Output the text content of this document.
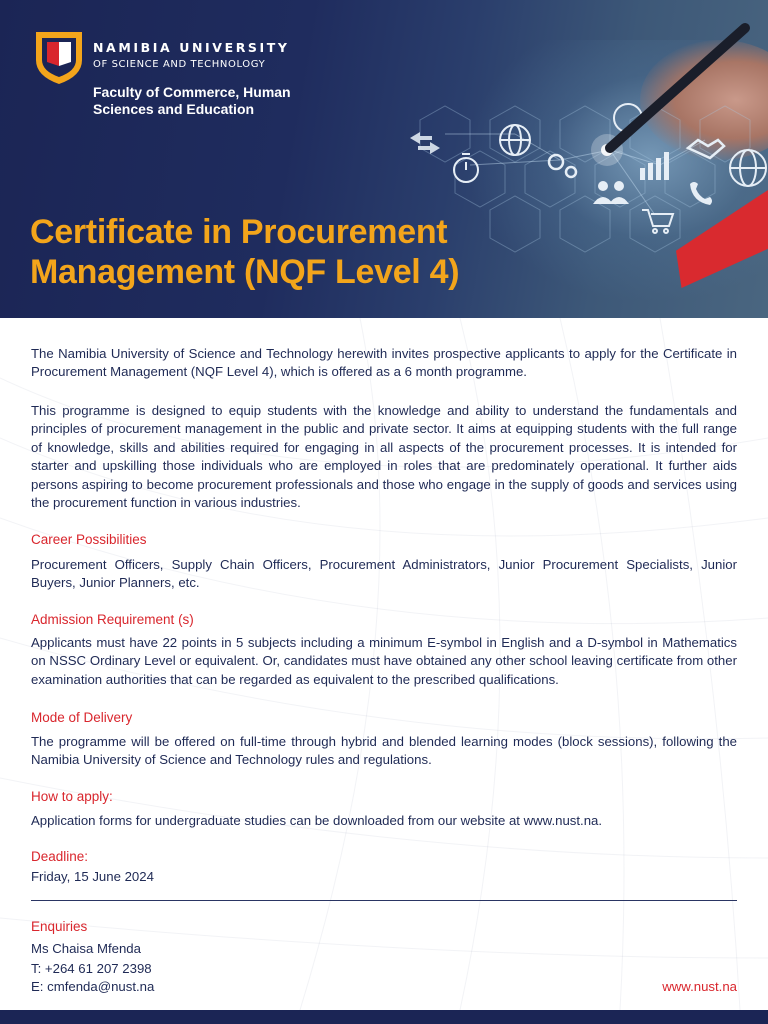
NAMIBIA UNIVERSITY
OF SCIENCE AND TECHNOLOGY
Faculty of Commerce, Human Sciences and Education
Certificate in Procurement Management (NQF Level 4)

The Namibia University of Science and Technology herewith invites prospective applicants to apply for the Certificate in Procurement Management (NQF Level 4), which is offered as a 6 month programme.

This programme is designed to equip students with the knowledge and ability to understand the fundamentals and principles of procurement management in the public and private sector. It aims at equipping students with the full range of knowledge, skills and abilities required for engaging in all aspects of the procurement processes. It is intended for starter and upskilling those individuals who are employed in roles that are predominately operational. It further aids persons aspiring to become procurement professionals and those who engage in the supply of goods and services using the procurement function in various industries.

Career Possibilities

Procurement Officers, Supply Chain Officers, Procurement Administrators, Junior Procurement Specialists, Junior Buyers, Junior Planners, etc.

Admission Requirement (s)

Applicants must have 22 points in 5 subjects including a minimum E-symbol in English and a D-symbol in Mathematics on NSSC Ordinary Level or equivalent. Or, candidates must have obtained any other school leaving certificate from other examination authorities that can be regarded as equivalent to the prescribed qualifications.

Mode of Delivery

The programme will be offered on full-time through hybrid and blended learning modes (block sessions), following the Namibia University of Science and Technology rules and regulations.

How to apply:

Application forms for undergraduate studies can be downloaded from our website at www.nust.na.

Deadline:

Friday, 15 June 2024

Enquiries
Ms Chaisa Mfenda
T: +264 61 207 2398
E: cmfenda@nust.na	www.nust.na
